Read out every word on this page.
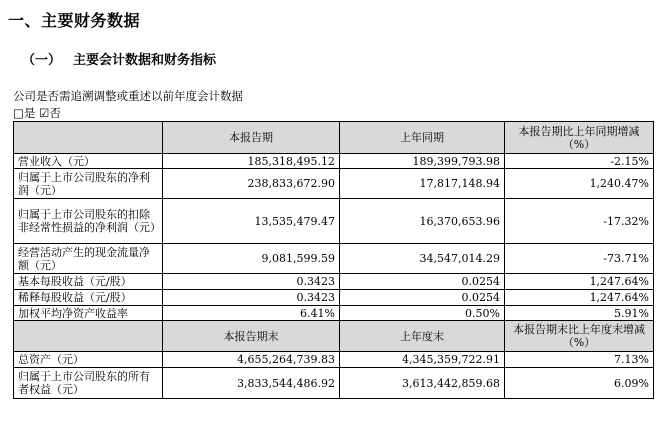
一、主要财务数据
（一） 主要会计数据和财务指标
公司是否需追溯调整或重述以前年度会计数据
□是 ☑否
	本报告期	上年同期	本报告期比上年同期增减（%）
营业收入（元）	185,318,495.12	189,399,793.98	-2.15%
归属于上市公司股东的净利润（元）	238,833,672.90	17,817,148.94	1,240.47%
归属于上市公司股东的扣除非经常性损益的净利润（元）	13,535,479.47	16,370,653.96	-17.32%
经营活动产生的现金流量净额（元）	9,081,599.59	34,547,014.29	-73.71%
基本每股收益（元/股）	0.3423	0.0254	1,247.64%
稀释每股收益（元/股）	0.3423	0.0254	1,247.64%
加权平均净资产收益率	6.41%	0.50%	5.91%
	本报告期末	上年度末	本报告期末比上年度末增减（%）
总资产（元）	4,655,264,739.83	4,345,359,722.91	7.13%
归属于上市公司股东的所有者权益（元）	3,833,544,486.92	3,613,442,859.68	6.09%
